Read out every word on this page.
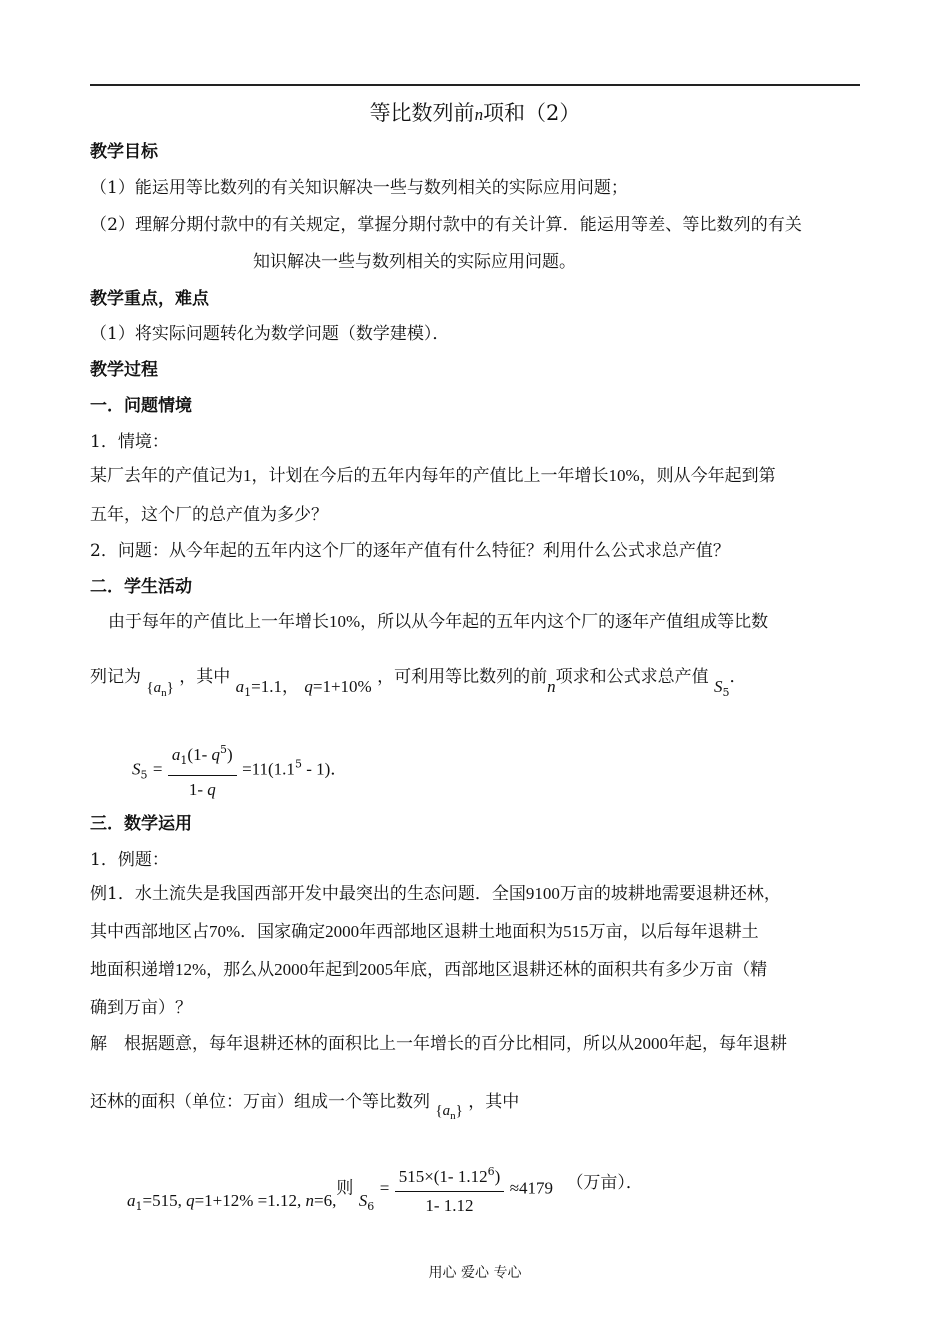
等比数列前n项和（2）
教学目标
（1）能运用等比数列的有关知识解决一些与数列相关的实际应用问题；
（2）理解分期付款中的有关规定，掌握分期付款中的有关计算．能运用等差、等比数列的有关
知识解决一些与数列相关的实际应用问题。
教学重点，难点
（1）将实际问题转化为数学问题（数学建模）．
教学过程
一．问题情境
1．情境：
某厂去年的产值记为1，计划在今后的五年内每年的产值比上一年增长10%，则从今年起到第
五年，这个厂的总产值为多少？
2．问题：从今年起的五年内这个厂的逐年产值有什么特征？利用什么公式求总产值？
二．学生活动
由于每年的产值比上一年增长10%，所以从今年起的五年内这个厂的逐年产值组成等比数
列记为 $\{a_n\}$ ，其中 $a_1=1.1$， q=1+10% ，可利用等比数列的前n项求和公式求总产值 $S_5$．
$S_5 = \frac{a_1(1- q^5)}{1- q} =11(1.1^5 - 1)$．
三．数学运用
1．例题：
例1．水土流失是我国西部开发中最突出的生态问题．全国9100万亩的坡耕地需要退耕还林，
其中西部地区占70%．国家确定2000年西部地区退耕土地面积为515万亩，以后每年退耕土
地面积递增12%，那么从2000年起到2005年底，西部地区退耕还林的面积共有多少万亩（精
确到万亩）？
解　根据题意，每年退耕还林的面积比上一年增长的百分比相同，所以从2000年起，每年退耕
还林的面积（单位：万亩）组成一个等比数列 $\{a_n\}$ ，其中
$a_1=515$, q=1+12% =1.12, n=6,则 $S_6 = \frac{515\times(1- 1.12^6)}{1- 1.12} \approx 4179$ （万亩）．
用心 爱心 专心
